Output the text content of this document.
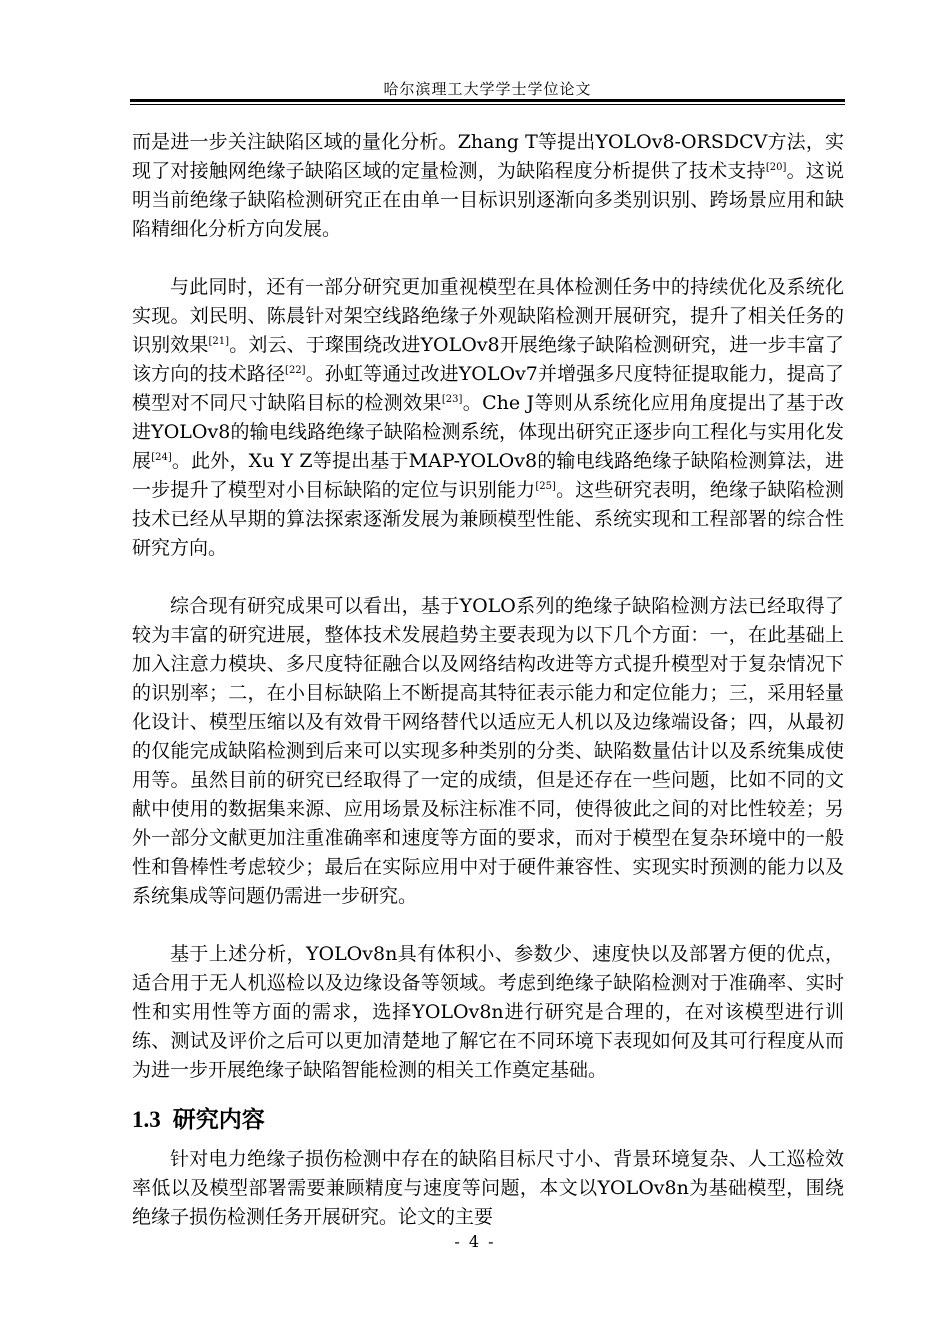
哈尔滨理工大学学士学位论文

而是进一步关注缺陷区域的量化分析。Zhang T等提出YOLOv8-ORSDCV方法，实现了对接触网绝缘子缺陷区域的定量检测，为缺陷程度分析提供了技术支持[20]。这说明当前绝缘子缺陷检测研究正在由单一目标识别逐渐向多类别识别、跨场景应用和缺陷精细化分析方向发展。

与此同时，还有一部分研究更加重视模型在具体检测任务中的持续优化及系统化实现。刘民明、陈晨针对架空线路绝缘子外观缺陷检测开展研究，提升了相关任务的识别效果[21]。刘云、于璨围绕改进YOLOv8开展绝缘子缺陷检测研究，进一步丰富了该方向的技术路径[22]。孙虹等通过改进YOLOv7并增强多尺度特征提取能力，提高了模型对不同尺寸缺陷目标的检测效果[23]。Che J等则从系统化应用角度提出了基于改进YOLOv8的输电线路绝缘子缺陷检测系统，体现出研究正逐步向工程化与实用化发展[24]。此外，Xu Y Z等提出基于MAP-YOLOv8的输电线路绝缘子缺陷检测算法，进一步提升了模型对小目标缺陷的定位与识别能力[25]。这些研究表明，绝缘子缺陷检测技术已经从早期的算法探索逐渐发展为兼顾模型性能、系统实现和工程部署的综合性研究方向。

综合现有研究成果可以看出，基于YOLO系列的绝缘子缺陷检测方法已经取得了较为丰富的研究进展，整体技术发展趋势主要表现为以下几个方面：一，在此基础上加入注意力模块、多尺度特征融合以及网络结构改进等方式提升模型对于复杂情况下的识别率；二，在小目标缺陷上不断提高其特征表示能力和定位能力；三，采用轻量化设计、模型压缩以及有效骨干网络替代以适应无人机以及边缘端设备；四，从最初的仅能完成缺陷检测到后来可以实现多种类别的分类、缺陷数量估计以及系统集成使用等。虽然目前的研究已经取得了一定的成绩，但是还存在一些问题，比如不同的文献中使用的数据集来源、应用场景及标注标准不同，使得彼此之间的对比性较差；另外一部分文献更加注重准确率和速度等方面的要求，而对于模型在复杂环境中的一般性和鲁棒性考虑较少；最后在实际应用中对于硬件兼容性、实现实时预测的能力以及系统集成等问题仍需进一步研究。

基于上述分析，YOLOv8n具有体积小、参数少、速度快以及部署方便的优点，适合用于无人机巡检以及边缘设备等领域。考虑到绝缘子缺陷检测对于准确率、实时性和实用性等方面的需求，选择YOLOv8n进行研究是合理的，在对该模型进行训练、测试及评价之后可以更加清楚地了解它在不同环境下表现如何及其可行程度从而为进一步开展绝缘子缺陷智能检测的相关工作奠定基础。

1.3 研究内容

针对电力绝缘子损伤检测中存在的缺陷目标尺寸小、背景环境复杂、人工巡检效率低以及模型部署需要兼顾精度与速度等问题，本文以YOLOv8n为基础模型，围绕绝缘子损伤检测任务开展研究。论文的主要

- 4 -
